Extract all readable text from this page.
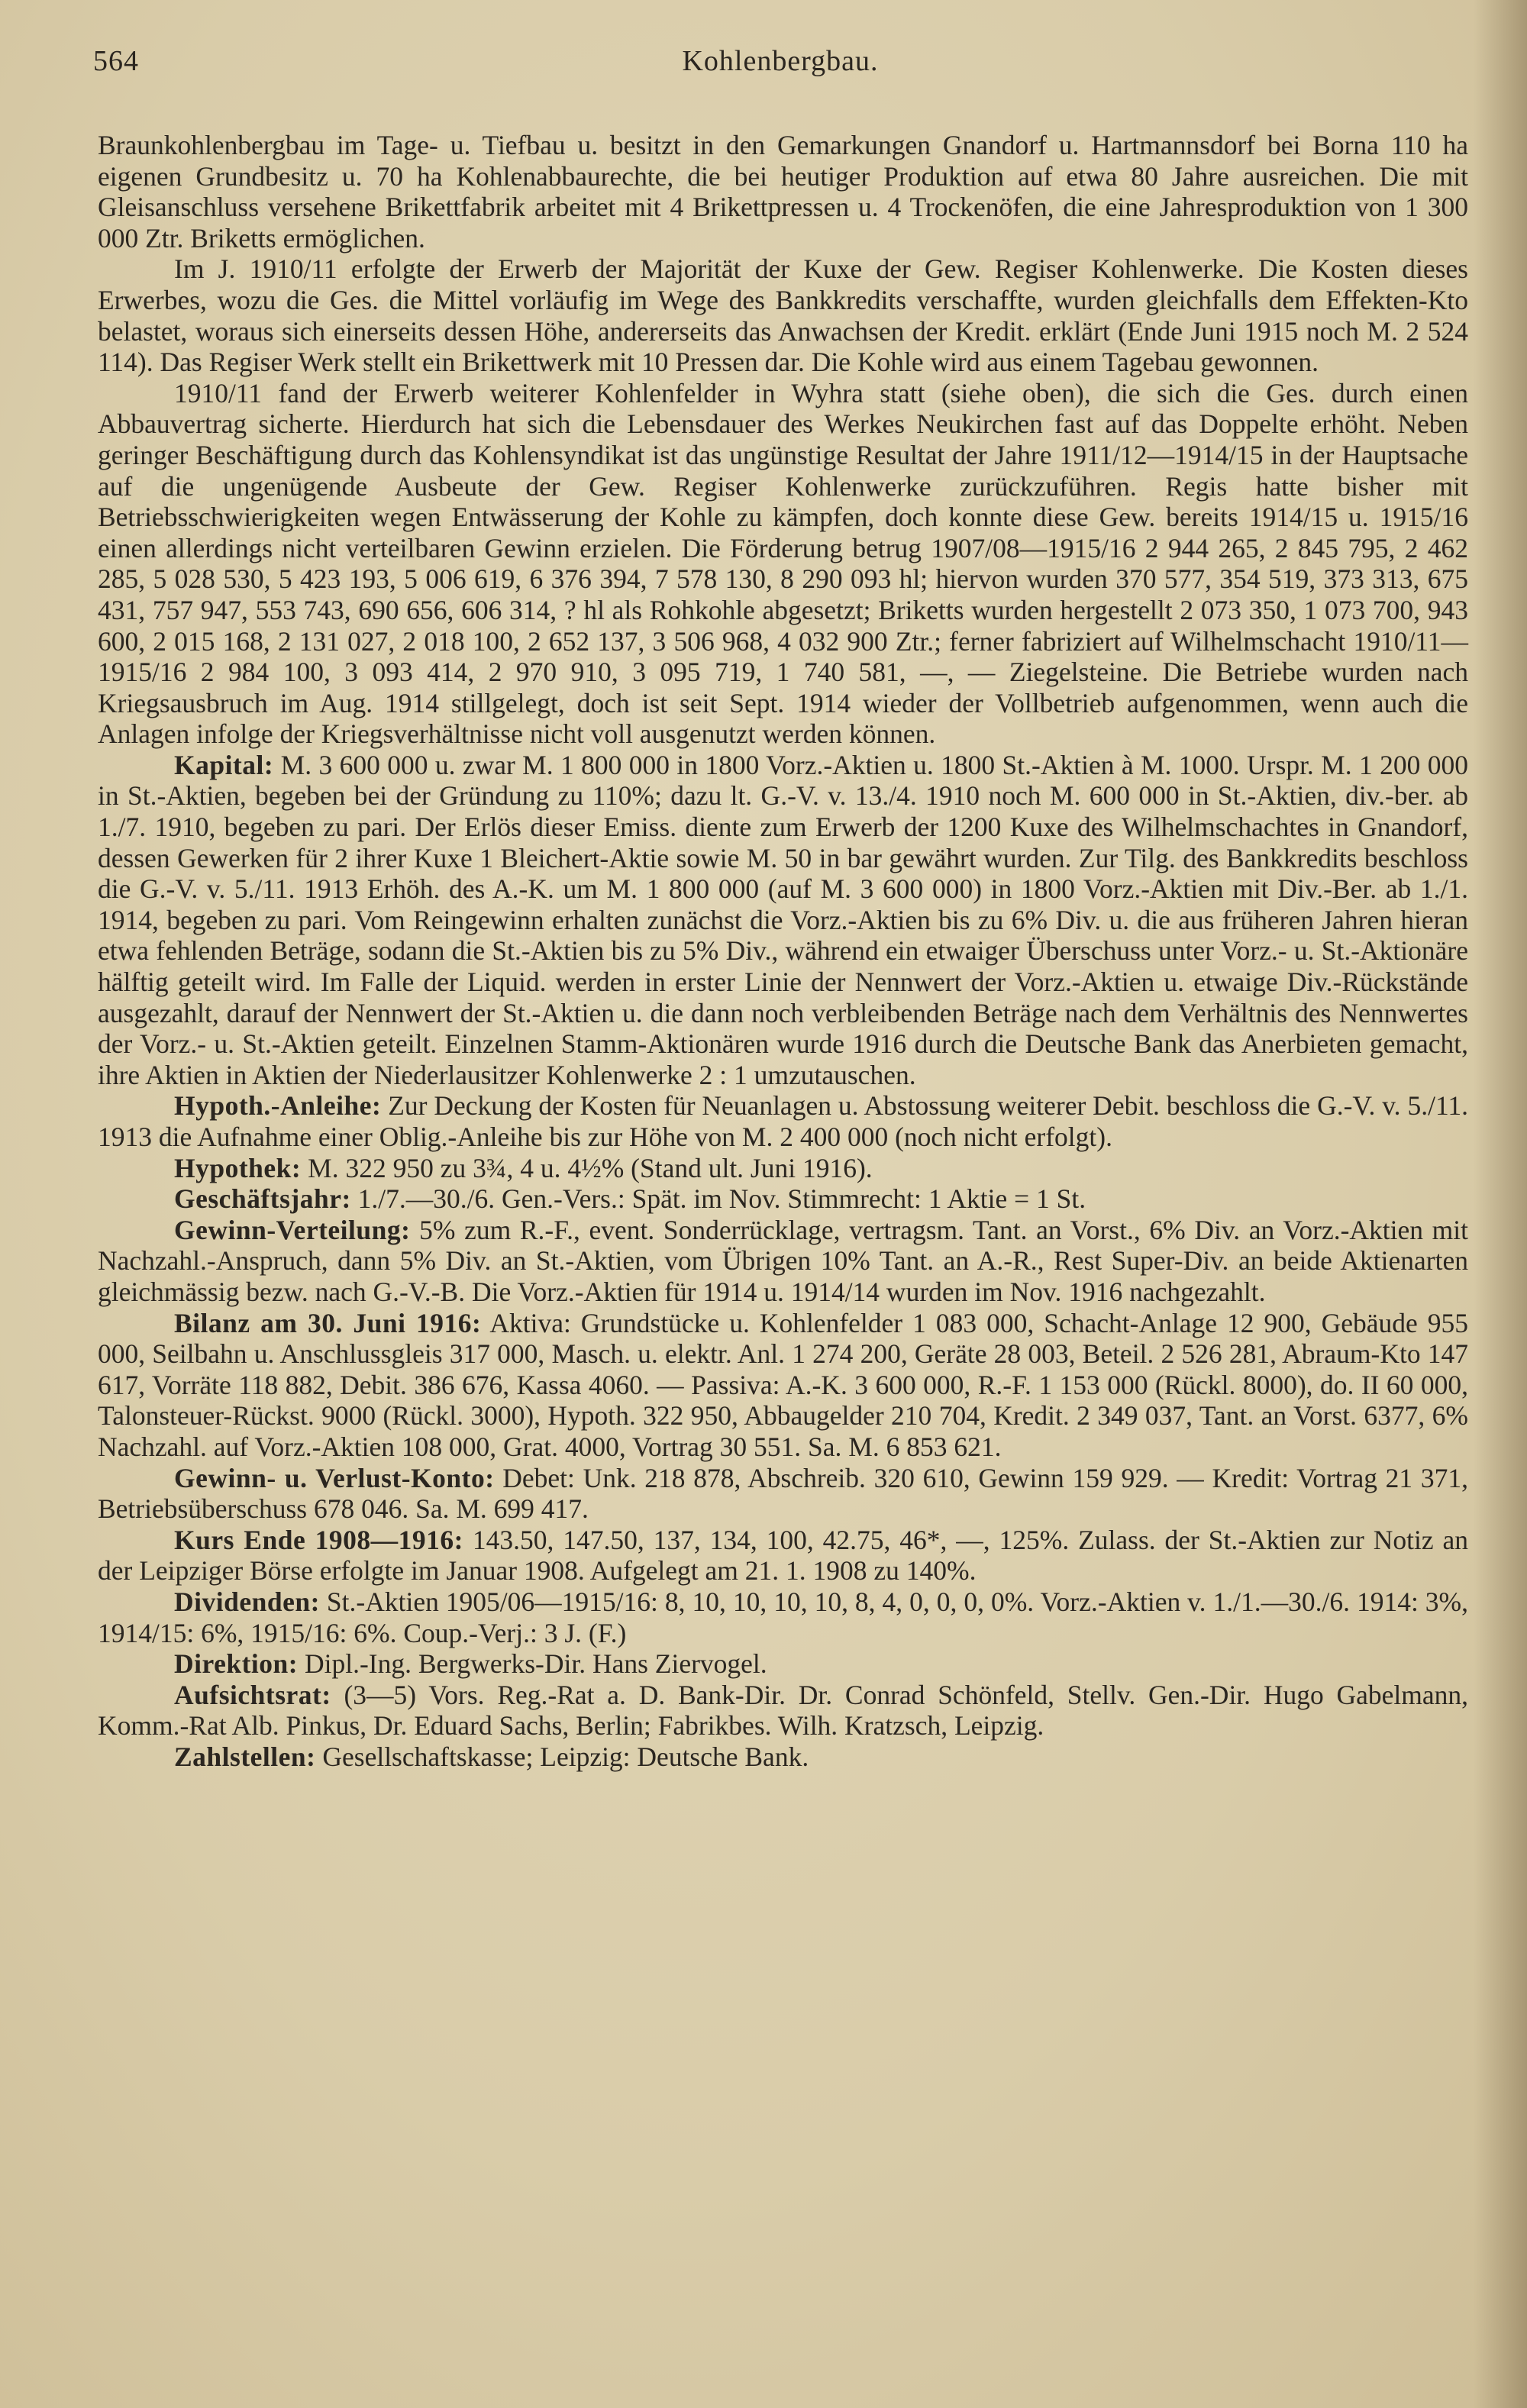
Kohlenbergbau.
564

Braunkohlenbergbau im Tage- u. Tiefbau u. besitzt in den Gemarkungen Gnandorf u. Hartmannsdorf bei Borna 110 ha eigenen Grundbesitz u. 70 ha Kohlenabbaurechte, die bei heutiger Produktion auf etwa 80 Jahre ausreichen. Die mit Gleisanschluss versehene Brikettfabrik arbeitet mit 4 Brikettpressen u. 4 Trockenöfen, die eine Jahresproduktion von 1 300 000 Ztr. Briketts ermöglichen.

Im J. 1910/11 erfolgte der Erwerb der Majorität der Kuxe der Gew. Regiser Kohlenwerke. Die Kosten dieses Erwerbes, wozu die Ges. die Mittel vorläufig im Wege des Bankkredits verschaffte, wurden gleichfalls dem Effekten-Kto belastet, woraus sich einerseits dessen Höhe, andererseits das Anwachsen der Kredit. erklärt (Ende Juni 1915 noch M. 2 524 114). Das Regiser Werk stellt ein Brikettwerk mit 10 Pressen dar. Die Kohle wird aus einem Tagebau gewonnen.

1910/11 fand der Erwerb weiterer Kohlenfelder in Wyhra statt (siehe oben), die sich die Ges. durch einen Abbauvertrag sicherte. Hierdurch hat sich die Lebensdauer des Werkes Neukirchen fast auf das Doppelte erhöht. Neben geringer Beschäftigung durch das Kohlensyndikat ist das ungünstige Resultat der Jahre 1911/12—1914/15 in der Hauptsache auf die ungenügende Ausbeute der Gew. Regiser Kohlenwerke zurückzuführen. Regis hatte bisher mit Betriebsschwierigkeiten wegen Entwässerung der Kohle zu kämpfen, doch konnte diese Gew. bereits 1914/15 u. 1915/16 einen allerdings nicht verteilbaren Gewinn erzielen. Die Förderung betrug 1907/08—1915/16 2 944 265, 2 845 795, 2 462 285, 5 028 530, 5 423 193, 5 006 619, 6 376 394, 7 578 130, 8 290 093 hl; hiervon wurden 370 577, 354 519, 373 313, 675 431, 757 947, 553 743, 690 656, 606 314, ? hl als Rohkohle abgesetzt; Briketts wurden hergestellt 2 073 350, 1 073 700, 943 600, 2 015 168, 2 131 027, 2 018 100, 2 652 137, 3 506 968, 4 032 900 Ztr.; ferner fabriziert auf Wilhelmschacht 1910/11—1915/16 2 984 100, 3 093 414, 2 970 910, 3 095 719, 1 740 581, —, — Ziegelsteine. Die Betriebe wurden nach Kriegsausbruch im Aug. 1914 stillgelegt, doch ist seit Sept. 1914 wieder der Vollbetrieb aufgenommen, wenn auch die Anlagen infolge der Kriegsverhältnisse nicht voll ausgenutzt werden können.

Kapital: M. 3 600 000 u. zwar M. 1 800 000 in 1800 Vorz.-Aktien u. 1800 St.-Aktien à M. 1000. Urspr. M. 1 200 000 in St.-Aktien, begeben bei der Gründung zu 110%; dazu lt. G.-V. v. 13./4. 1910 noch M. 600 000 in St.-Aktien, div.-ber. ab 1./7. 1910, begeben zu pari. Der Erlös dieser Emiss. diente zum Erwerb der 1200 Kuxe des Wilhelmschachtes in Gnandorf, dessen Gewerken für 2 ihrer Kuxe 1 Bleichert-Aktie sowie M. 50 in bar gewährt wurden. Zur Tilg. des Bankkredits beschloss die G.-V. v. 5./11. 1913 Erhöh. des A.-K. um M. 1 800 000 (auf M. 3 600 000) in 1800 Vorz.-Aktien mit Div.-Ber. ab 1./1. 1914, begeben zu pari. Vom Reingewinn erhalten zunächst die Vorz.-Aktien bis zu 6% Div. u. die aus früheren Jahren hieran etwa fehlenden Beträge, sodann die St.-Aktien bis zu 5% Div., während ein etwaiger Überschuss unter Vorz.- u. St.-Aktionäre hälftig geteilt wird. Im Falle der Liquid. werden in erster Linie der Nennwert der Vorz.-Aktien u. etwaige Div.-Rückstände ausgezahlt, darauf der Nennwert der St.-Aktien u. die dann noch verbleibenden Beträge nach dem Verhältnis des Nennwertes der Vorz.- u. St.-Aktien geteilt. Einzelnen Stamm-Aktionären wurde 1916 durch die Deutsche Bank das Anerbieten gemacht, ihre Aktien in Aktien der Niederlausitzer Kohlenwerke 2 : 1 umzutauschen.

Hypoth.-Anleihe: Zur Deckung der Kosten für Neuanlagen u. Abstossung weiterer Debit. beschloss die G.-V. v. 5./11. 1913 die Aufnahme einer Oblig.-Anleihe bis zur Höhe von M. 2 400 000 (noch nicht erfolgt).

Hypothek: M. 322 950 zu 3¾, 4 u. 4½% (Stand ult. Juni 1916).

Geschäftsjahr: 1./7.—30./6. Gen.-Vers.: Spät. im Nov. Stimmrecht: 1 Aktie = 1 St.

Gewinn-Verteilung: 5% zum R.-F., event. Sonderrücklage, vertragsm. Tant. an Vorst., 6% Div. an Vorz.-Aktien mit Nachzahl.-Anspruch, dann 5% Div. an St.-Aktien, vom Übrigen 10% Tant. an A.-R., Rest Super-Div. an beide Aktienarten gleichmässig bezw. nach G.-V.-B. Die Vorz.-Aktien für 1914 u. 1914/14 wurden im Nov. 1916 nachgezahlt.

Bilanz am 30. Juni 1916: Aktiva: Grundstücke u. Kohlenfelder 1 083 000, Schacht-Anlage 12 900, Gebäude 955 000, Seilbahn u. Anschlussgleis 317 000, Masch. u. elektr. Anl. 1 274 200, Geräte 28 003, Beteil. 2 526 281, Abraum-Kto 147 617, Vorräte 118 882, Debit. 386 676, Kassa 4060. — Passiva: A.-K. 3 600 000, R.-F. 1 153 000 (Rückl. 8000), do. II 60 000, Talonsteuer-Rückst. 9000 (Rückl. 3000), Hypoth. 322 950, Abbaugelder 210 704, Kredit. 2 349 037, Tant. an Vorst. 6377, 6% Nachzahl. auf Vorz.-Aktien 108 000, Grat. 4000, Vortrag 30 551. Sa. M. 6 853 621.

Gewinn- u. Verlust-Konto: Debet: Unk. 218 878, Abschreib. 320 610, Gewinn 159 929. — Kredit: Vortrag 21 371, Betriebsüberschuss 678 046. Sa. M. 699 417.

Kurs Ende 1908—1916: 143.50, 147.50, 137, 134, 100, 42.75, 46*, —, 125%. Zulass. der St.-Aktien zur Notiz an der Leipziger Börse erfolgte im Januar 1908. Aufgelegt am 21. 1. 1908 zu 140%.

Dividenden: St.-Aktien 1905/06—1915/16: 8, 10, 10, 10, 10, 8, 4, 0, 0, 0, 0%. Vorz.-Aktien v. 1./1.—30./6. 1914: 3%, 1914/15: 6%, 1915/16: 6%. Coup.-Verj.: 3 J. (F.)

Direktion: Dipl.-Ing. Bergwerks-Dir. Hans Ziervogel.

Aufsichtsrat: (3—5) Vors. Reg.-Rat a. D. Bank-Dir. Dr. Conrad Schönfeld, Stellv. Gen.-Dir. Hugo Gabelmann, Komm.-Rat Alb. Pinkus, Dr. Eduard Sachs, Berlin; Fabrikbes. Wilh. Kratzsch, Leipzig.

Zahlstellen: Gesellschaftskasse; Leipzig: Deutsche Bank.
